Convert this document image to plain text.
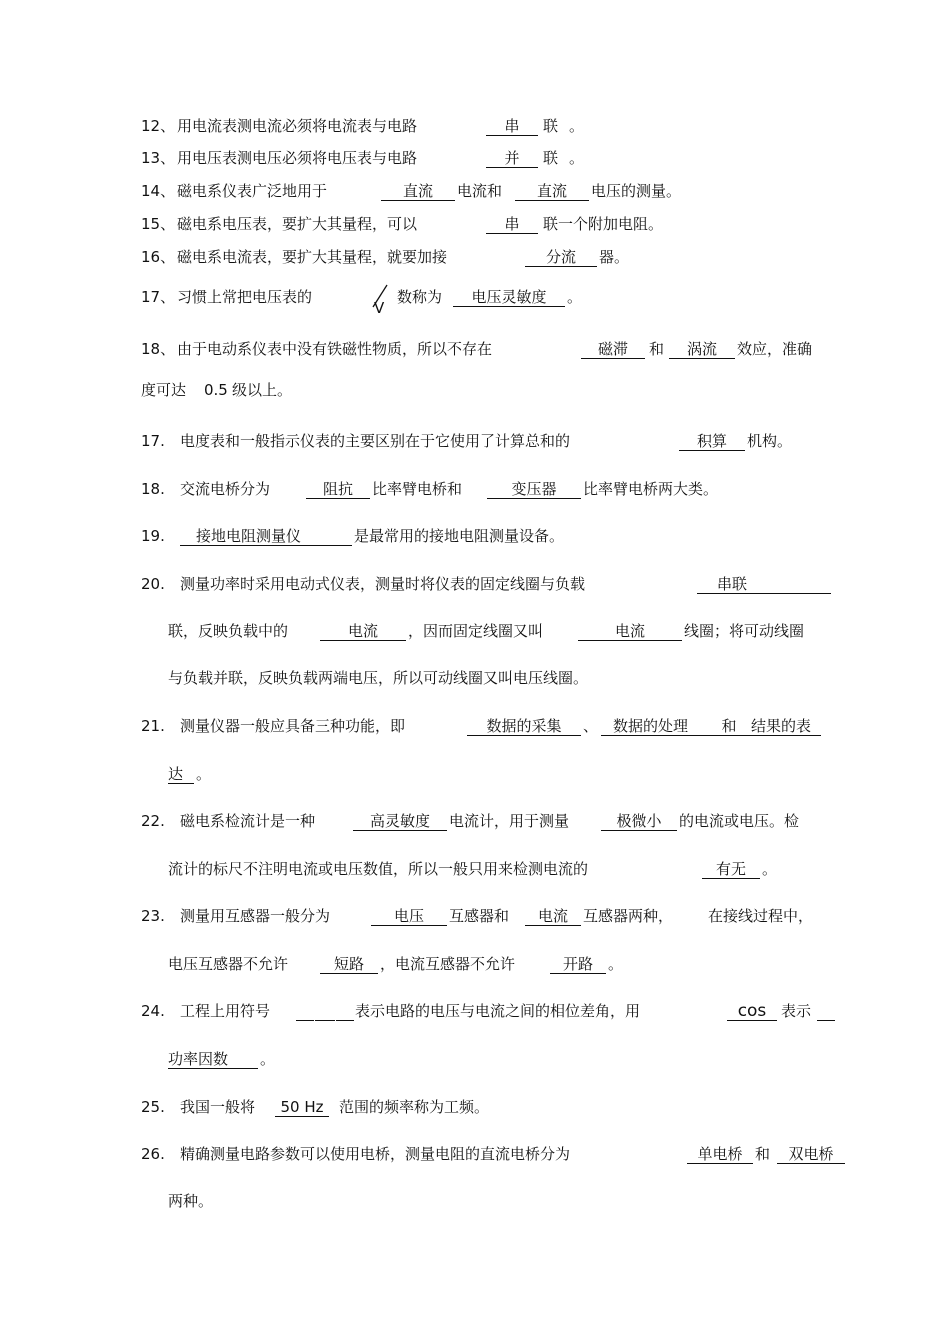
12、 用电流表测电流必须将电流表与电路	串	联 。
13、 用电压表测电压必须将电压表与电路	并	联 。
14、 磁电系仪表广泛地用于	直流	电流和	直流	电压的测量。
15、 磁电系电压表，要扩大其量程，可以	串	联一个附加电阻。
16、 磁电系电流表，要扩大其量程，就要加接	分流	器。
17、 习惯上常把电压表的
V
数称为	电压灵敏度	。
18、 由于电动系仪表中没有铁磁性物质，所以不存在	磁滞	和	涡流	效应，准确
度可达 0.5 级以上。
17. 电度表和一般指示仪表的主要区别在于它使用了计算总和的	积算	机构。
18. 交流电桥分为	阻抗	比率臂电桥和	变压器	比率臂电桥两大类。
19.	接地电阻测量仪	是最常用的接地电阻测量设备。
20. 测量功率时采用电动式仪表，测量时将仪表的固定线圈与负载	串联
联，反映负载中的	电流	，因而固定线圈又叫	电流	线圈；将可动线圈
与负载并联，反映负载两端电压，所以可动线圈又叫电压线圈。
21. 测量仪器一般应具备三种功能，即	数据的采集	、 数据的处理	和 结果的表
达 。
22. 磁电系检流计是一种	高灵敏度	电流计，用于测量	极微小	的电流或电压。检
流计的标尺不注明电流或电压数值，所以一般只用来检测电流的	有无	。
23. 测量用互感器一般分为	电压	互感器和	电流	互感器两种， 在接线过程中，
电压互感器不允许	短路	，电流互感器不允许	开路	。
24. 工程上用符号	表示电路的电压与电流之间的相位差角，用	cos 表示
功率因数	。
25. 我国一般将	50 Hz	范围的频率称为工频。
26. 精确测量电路参数可以使用电桥，测量电阻的直流电桥分为	单电桥 和	双电桥
两种。
